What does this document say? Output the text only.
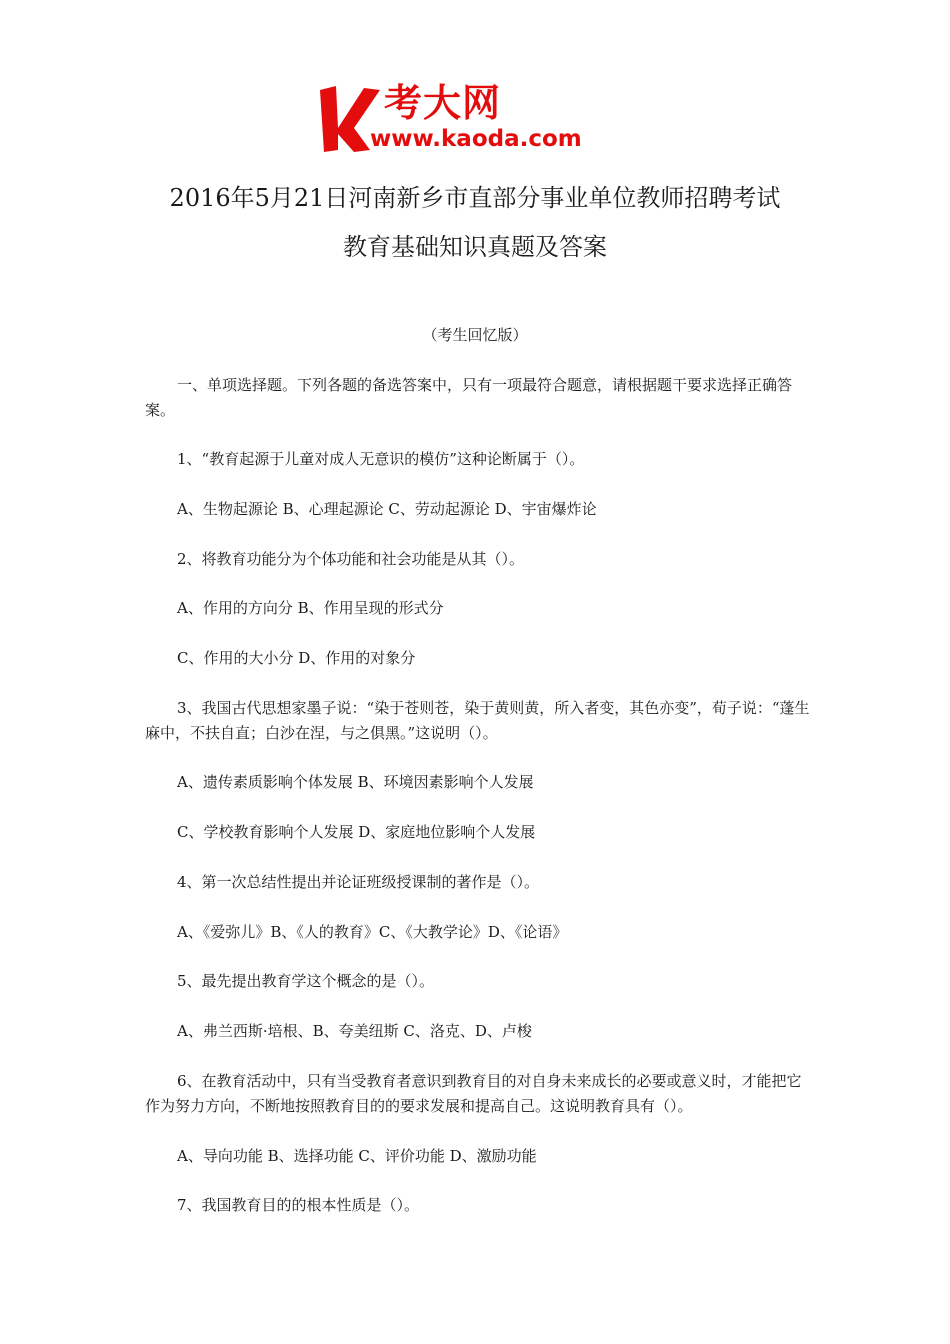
考大网
www.kaoda.com
2016年5月21日河南新乡市直部分事业单位教师招聘考试
教育基础知识真题及答案
（考生回忆版）

一、单项选择题。下列各题的备选答案中，只有一项最符合题意，请根据题干要求选择正确答案。

1、“教育起源于儿童对成人无意识的模仿”这种论断属于（）。

A、生物起源论 B、心理起源论 C、劳动起源论 D、宇宙爆炸论

2、将教育功能分为个体功能和社会功能是从其（）。

A、作用的方向分 B、作用呈现的形式分

C、作用的大小分 D、作用的对象分

3、我国古代思想家墨子说：“染于苍则苍，染于黄则黄，所入者变，其色亦变”，荀子说：“蓬生麻中，不扶自直；白沙在涅，与之俱黑。”这说明（）。

A、遗传素质影响个体发展 B、环境因素影响个人发展

C、学校教育影响个人发展 D、家庭地位影响个人发展

4、第一次总结性提出并论证班级授课制的著作是（）。

A、《爱弥儿》B、《人的教育》C、《大教学论》D、《论语》

5、最先提出教育学这个概念的是（）。

A、弗兰西斯·培根、B、夸美纽斯 C、洛克、D、卢梭

6、在教育活动中，只有当受教育者意识到教育目的对自身未来成长的必要或意义时，才能把它作为努力方向，不断地按照教育目的的要求发展和提高自己。这说明教育具有（）。

A、导向功能 B、选择功能 C、评价功能 D、激励功能

7、我国教育目的的根本性质是（）。
